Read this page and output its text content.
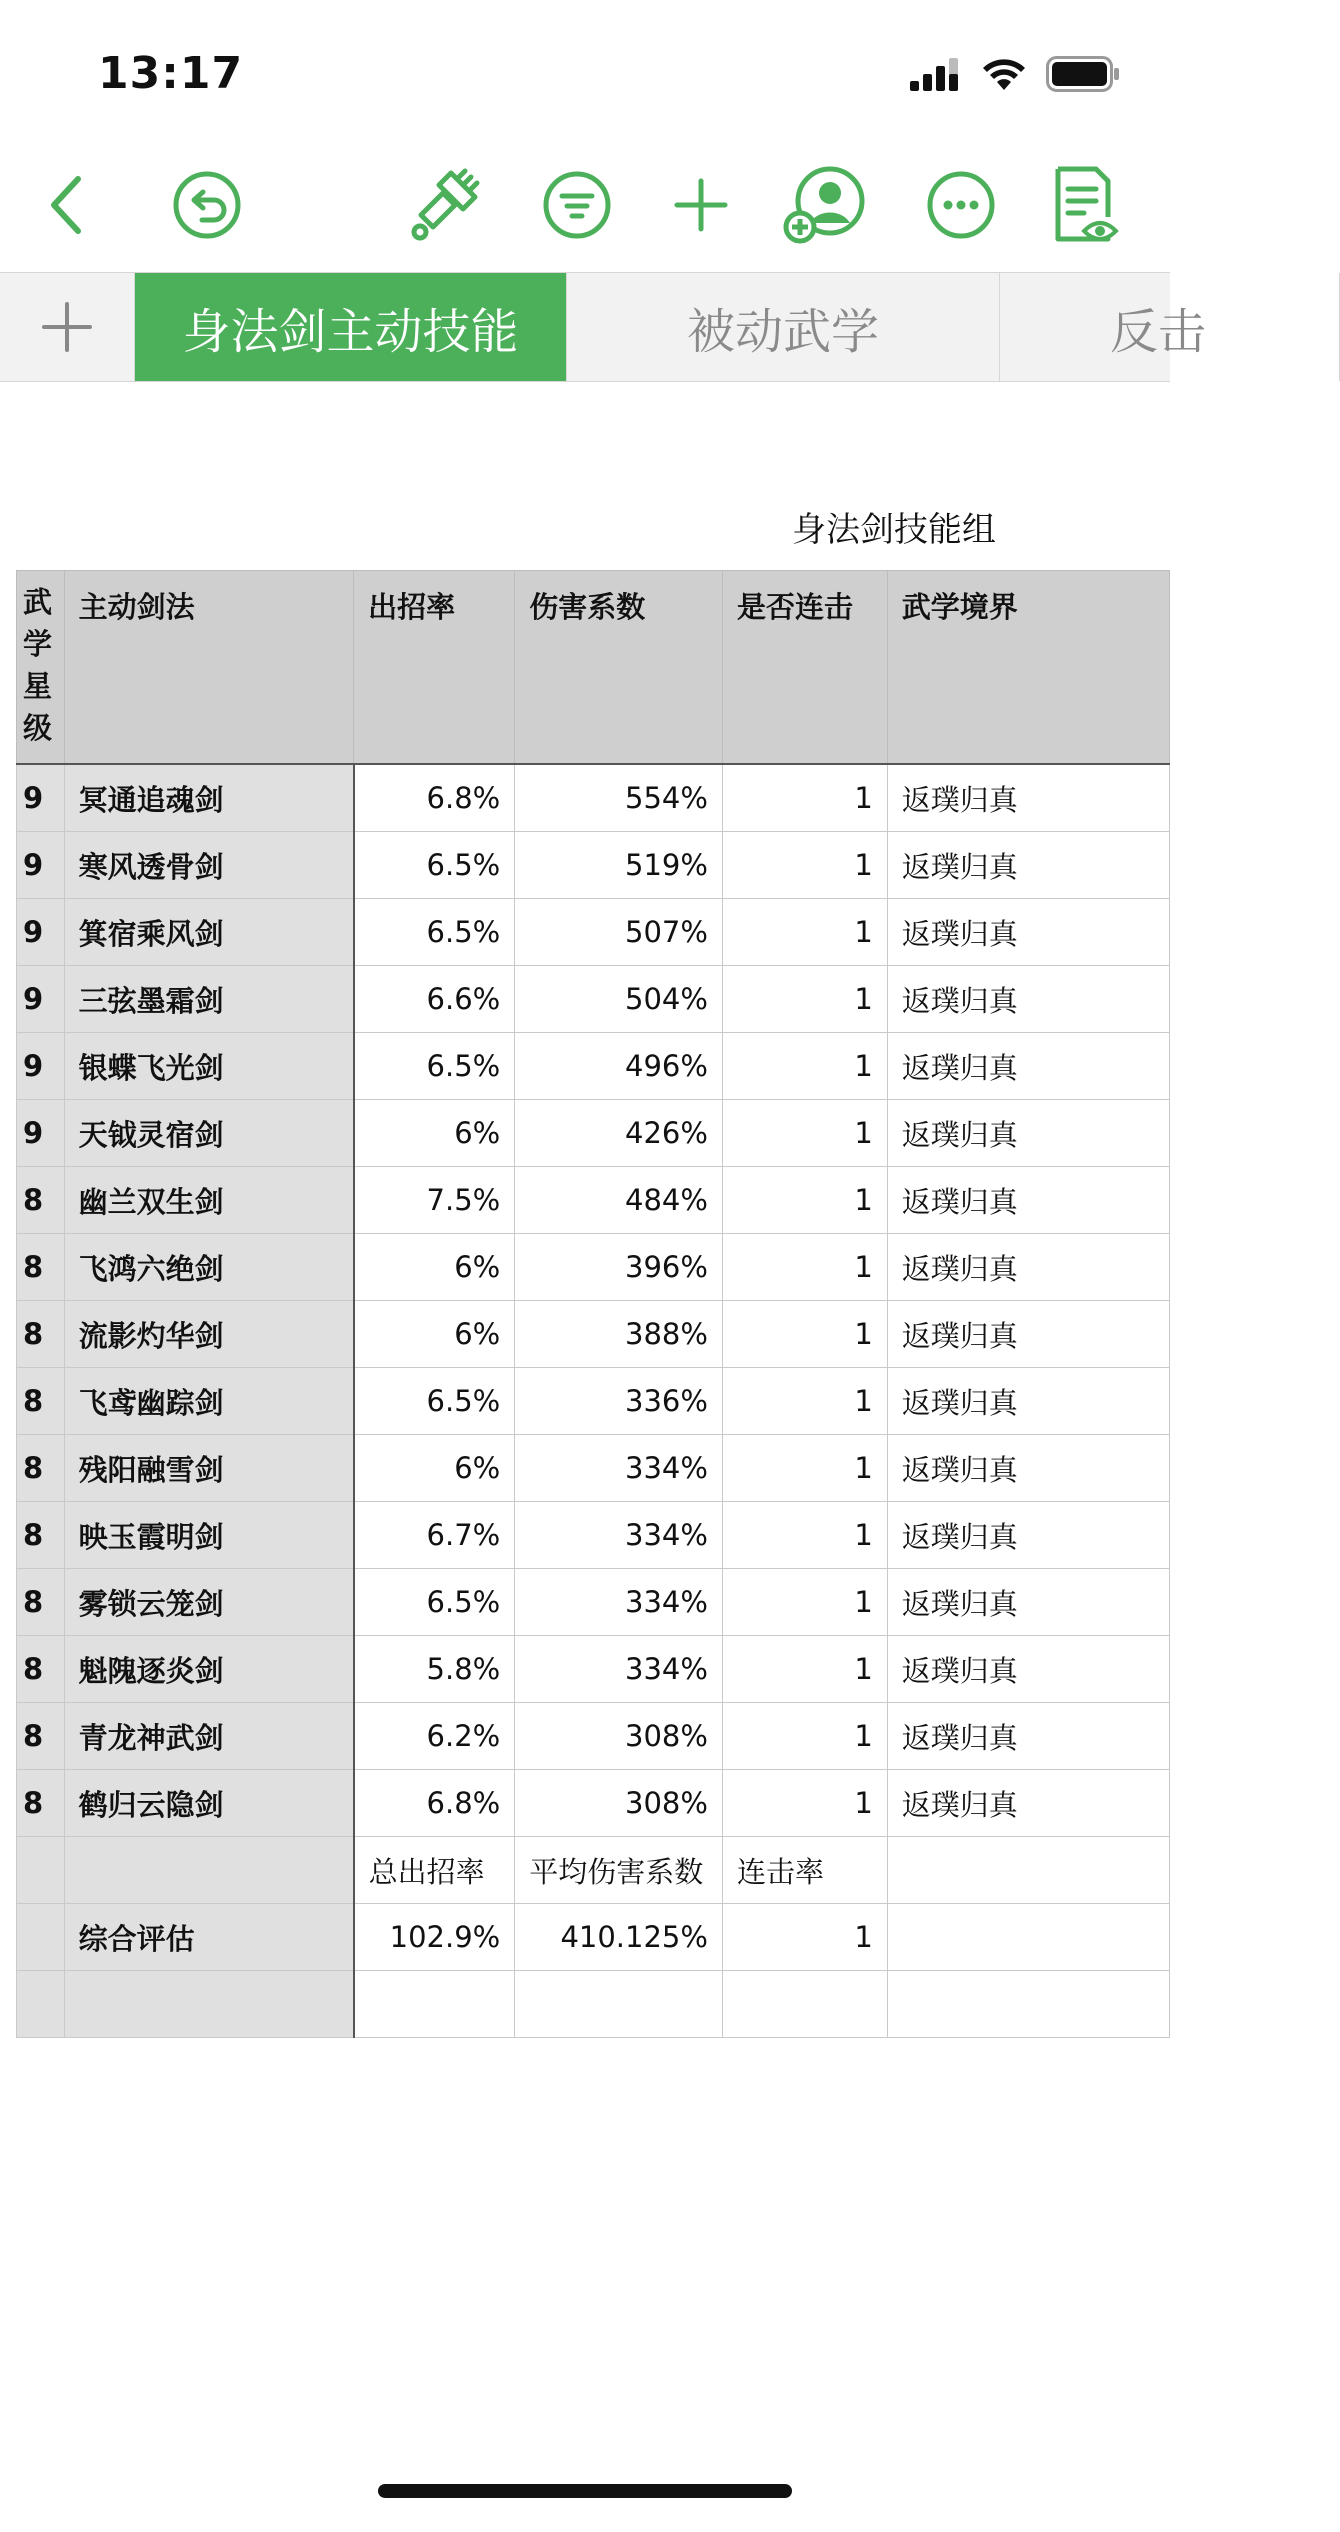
13:17
身法剑主动技能	被动武学	反击
身法剑技能组
武学星级	主动剑法	出招率	伤害系数	是否连击	武学境界
9	冥通追魂剑	6.8%	554%	1	返璞归真
9	寒风透骨剑	6.5%	519%	1	返璞归真
9	箕宿乘风剑	6.5%	507%	1	返璞归真
9	三弦墨霜剑	6.6%	504%	1	返璞归真
9	银蝶飞光剑	6.5%	496%	1	返璞归真
9	天钺灵宿剑	6%	426%	1	返璞归真
8	幽兰双生剑	7.5%	484%	1	返璞归真
8	飞鸿六绝剑	6%	396%	1	返璞归真
8	流影灼华剑	6%	388%	1	返璞归真
8	飞鸢幽踪剑	6.5%	336%	1	返璞归真
8	残阳融雪剑	6%	334%	1	返璞归真
8	映玉霞明剑	6.7%	334%	1	返璞归真
8	雾锁云笼剑	6.5%	334%	1	返璞归真
8	魁隗逐炎剑	5.8%	334%	1	返璞归真
8	青龙神武剑	6.2%	308%	1	返璞归真
8	鹤归云隐剑	6.8%	308%	1	返璞归真
		总出招率	平均伤害系数	连击率	
	综合评估	102.9%	410.125%	1	
